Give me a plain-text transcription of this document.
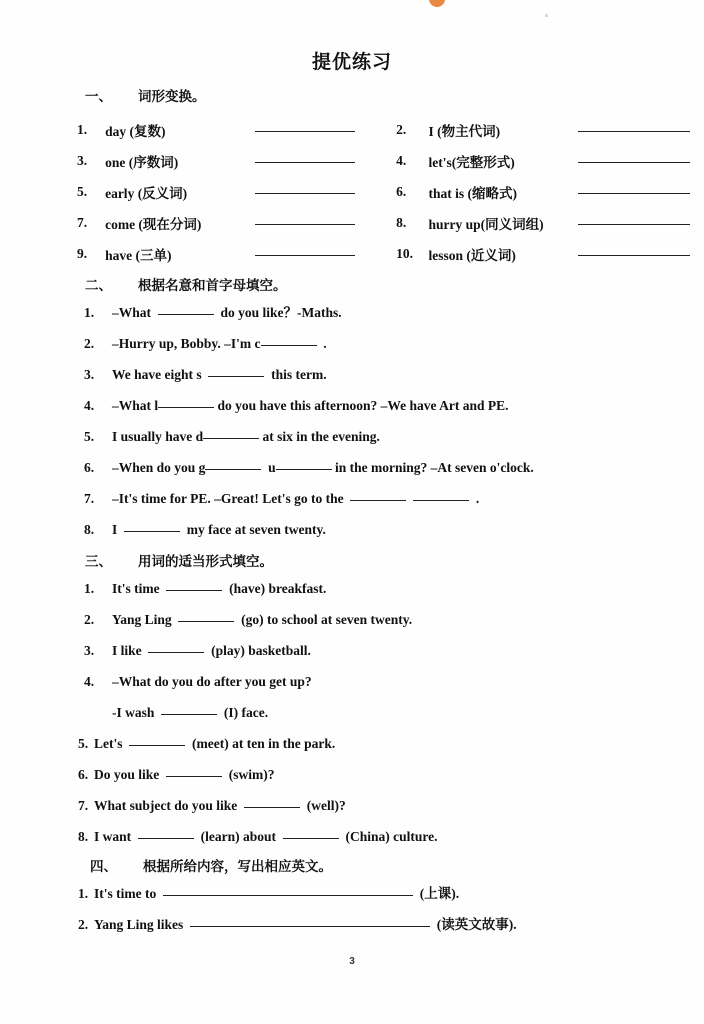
提优练习
一、 词形变换。
1.	day (复数)			2.	I (物主代词)	
3.	one (序数词)			4.	let's(完整形式)	
5.	early (反义词)			6.	that is (缩略式)	
7.	come (现在分词)			8.	hurry up(同义词组)	
9.	have (三单)			10.	lesson (近义词)	
二、 根据名意和首字母填空。
1. –What	do you like？-Maths.
2. –Hurry up, Bobby. –I'm c	.
3. We have eight s	this term.
4. –What l	do you have this afternoon? –We have Art and PE.
5. I usually have d	at six in the evening.
6. –When do you g	u	in the morning? –At seven o'clock.
7. –It's time for PE. –Great! Let's go to the	.
8. I	my face at seven twenty.
三、 用词的适当形式填空。
1. It's time	(have) breakfast.
2. Yang Ling	(go) to school at seven twenty.
3. I like	(play) basketball.
4. –What do you do after you get up?
-I wash	(I) face.
5. Let's	(meet) at ten in the park.
6. Do you like	(swim)?
7. What subject do you like	(well)?
8. I want	(learn) about	(China) culture.
四、 根据所给内容，写出相应英文。
1. It's time to	(上课).
2. Yang Ling likes	(读英文故事).
3
